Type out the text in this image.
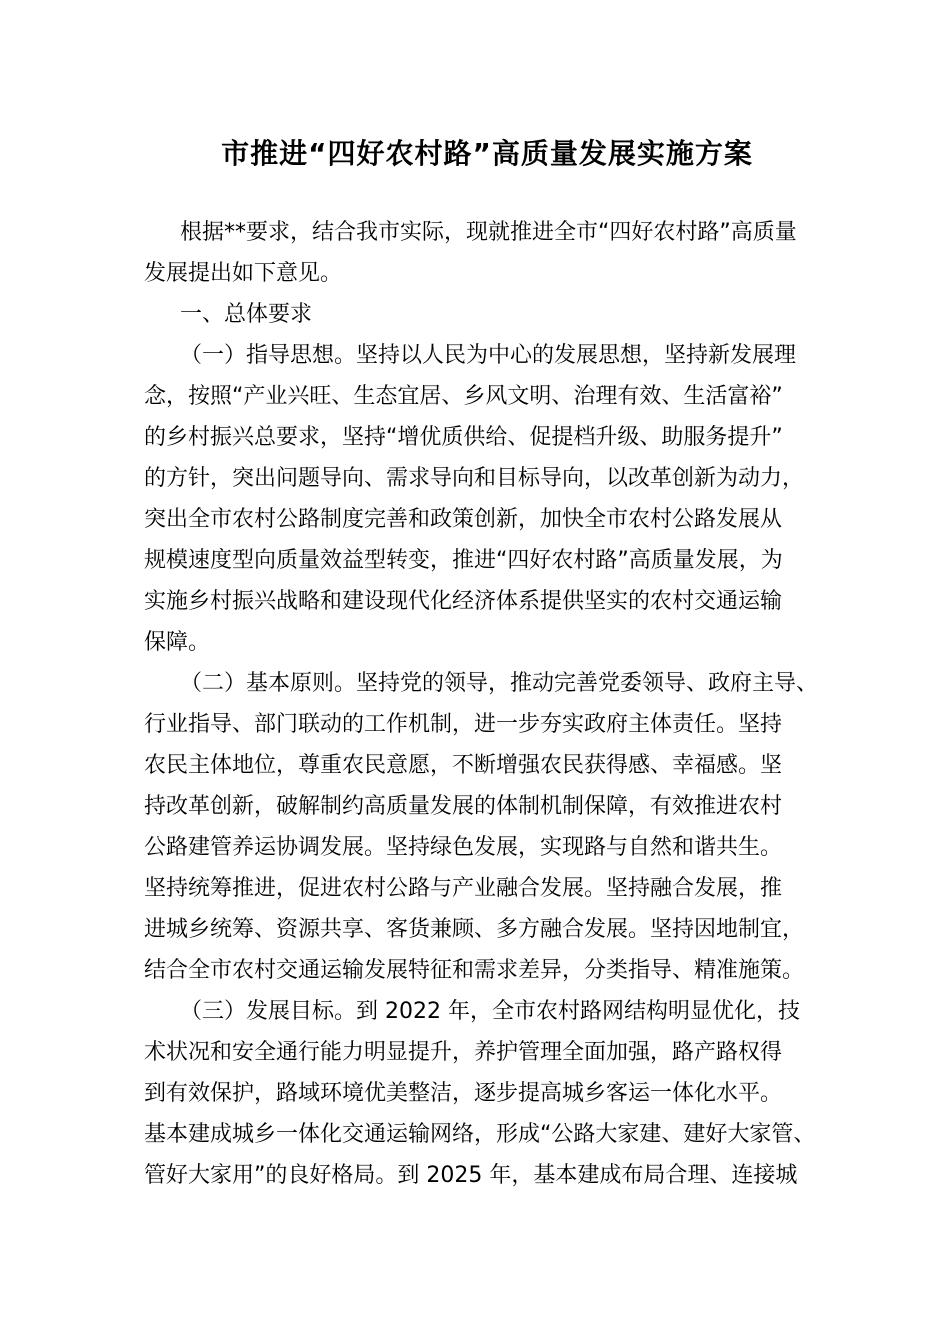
市推进“四好农村路”高质量发展实施方案
根据**要求，结合我市实际，现就推进全市“四好农村路”高质量
发展提出如下意见。
一、总体要求
（一）指导思想。坚持以人民为中心的发展思想，坚持新发展理
念，按照“产业兴旺、生态宜居、乡风文明、治理有效、生活富裕”
的乡村振兴总要求，坚持“增优质供给、促提档升级、助服务提升”
的方针，突出问题导向、需求导向和目标导向，以改革创新为动力，
突出全市农村公路制度完善和政策创新，加快全市农村公路发展从
规模速度型向质量效益型转变，推进“四好农村路”高质量发展，为
实施乡村振兴战略和建设现代化经济体系提供坚实的农村交通运输
保障。
（二）基本原则。坚持党的领导，推动完善党委领导、政府主导、
行业指导、部门联动的工作机制，进一步夯实政府主体责任。坚持
农民主体地位，尊重农民意愿，不断增强农民获得感、幸福感。坚
持改革创新，破解制约高质量发展的体制机制保障，有效推进农村
公路建管养运协调发展。坚持绿色发展，实现路与自然和谐共生。
坚持统筹推进，促进农村公路与产业融合发展。坚持融合发展，推
进城乡统筹、资源共享、客货兼顾、多方融合发展。坚持因地制宜，
结合全市农村交通运输发展特征和需求差异，分类指导、精准施策。
（三）发展目标。到 2022 年，全市农村路网结构明显优化，技
术状况和安全通行能力明显提升，养护管理全面加强，路产路权得
到有效保护，路域环境优美整洁，逐步提高城乡客运一体化水平。
基本建成城乡一体化交通运输网络，形成“公路大家建、建好大家管、
管好大家用”的良好格局。到 2025 年，基本建成布局合理、连接城
